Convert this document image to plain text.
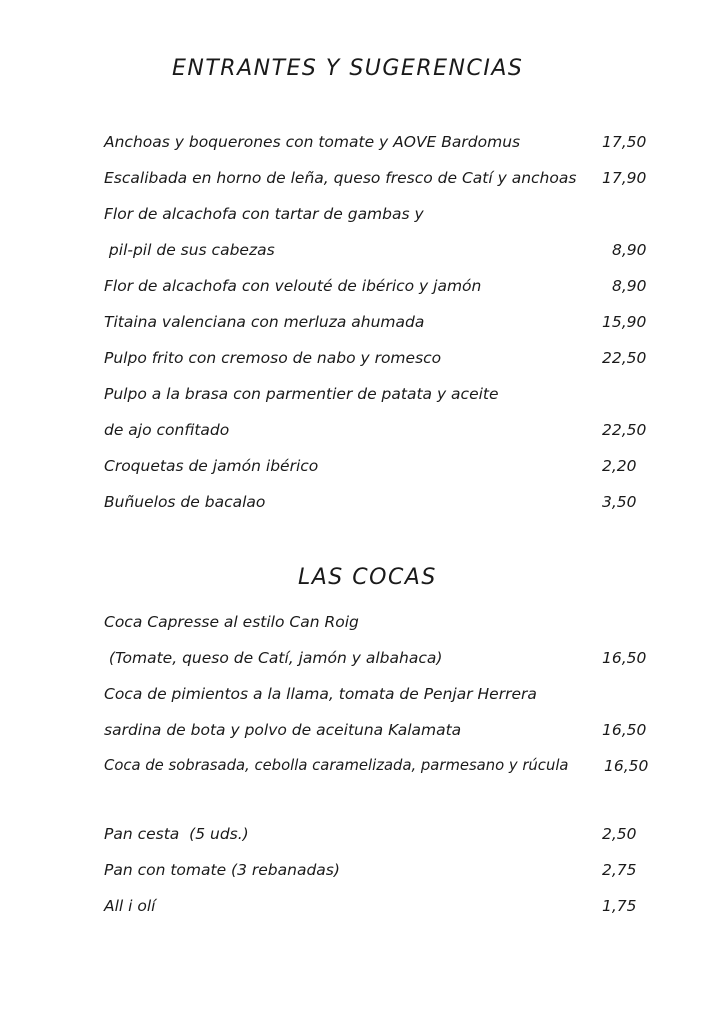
ENTRANTES Y SUGERENCIAS
Anchoas y boquerones con tomate y AOVE Bardomus	17,50
Escalibada en horno de leña, queso fresco de Catí y anchoas 17,90
Flor de alcachofa con tartar de gambas y
pil-pil de sus cabezas	8,90
Flor de alcachofa con velouté de ibérico y jamón	8,90
Titaina valenciana con merluza ahumada	15,90
Pulpo frito con cremoso de nabo y romesco	22,50
Pulpo a la brasa con parmentier de patata y aceite
de ajo confitado	22,50
Croquetas de jamón ibérico	2,20
Buñuelos de bacalao	3,50
LAS COCAS
Coca Capresse al estilo Can Roig
(Tomate, queso de Catí, jamón y albahaca)	16,50
Coca de pimientos a la llama, tomata de Penjar Herrera
sardina de bota y polvo de aceituna Kalamata	16,50
Coca de sobrasada, cebolla caramelizada, parmesano y rúcula 16,50
Pan cesta  (5 uds.)	2,50
Pan con tomate (3 rebanadas)	2,75
All i olí	1,75
